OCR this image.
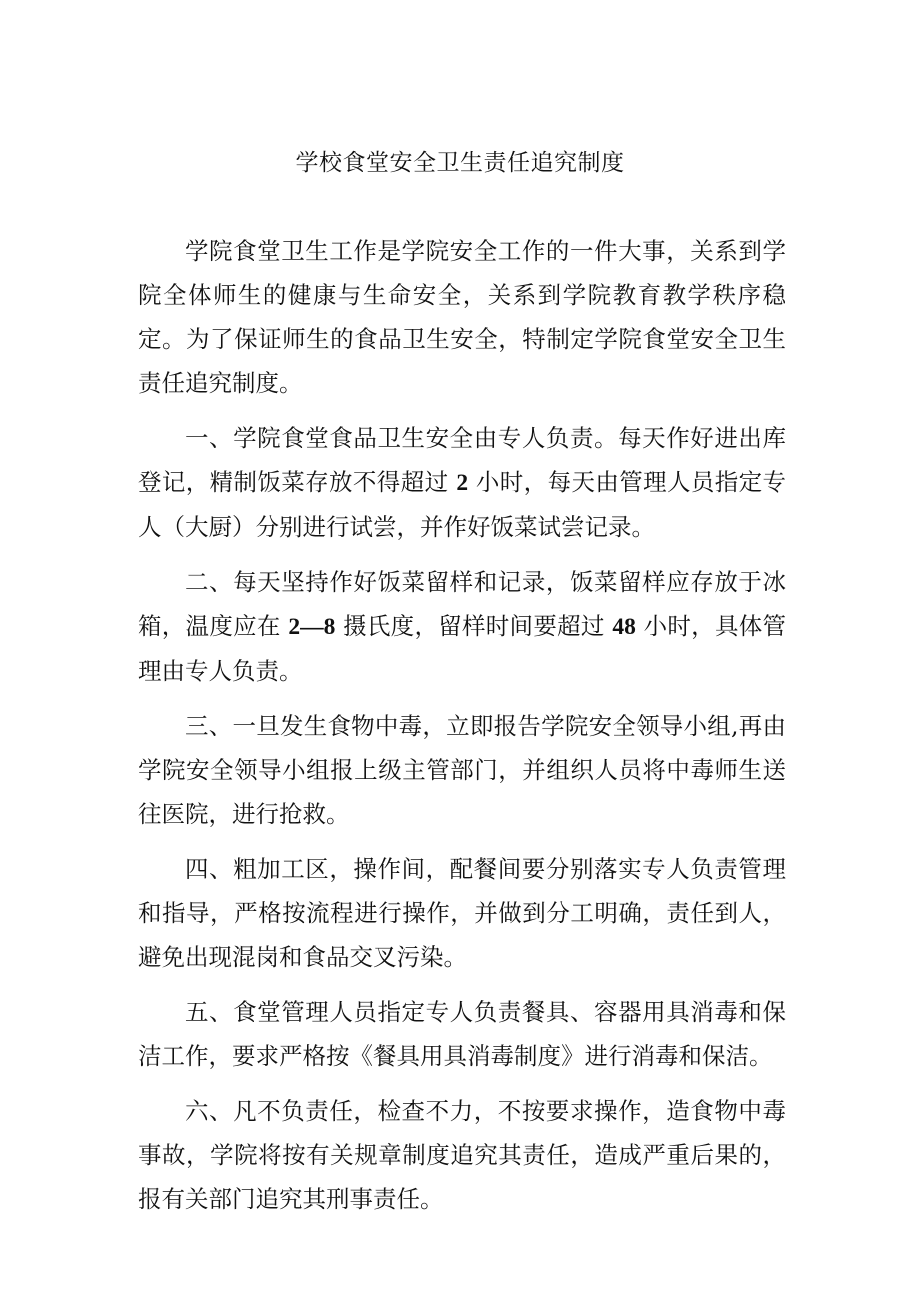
学校食堂安全卫生责任追究制度

学院食堂卫生工作是学院安全工作的一件大事，关系到学院全体师生的健康与生命安全，关系到学院教育教学秩序稳定。为了保证师生的食品卫生安全，特制定学院食堂安全卫生责任追究制度。

一、学院食堂食品卫生安全由专人负责。每天作好进出库登记，精制饭菜存放不得超过 2 小时，每天由管理人员指定专人（大厨）分别进行试尝，并作好饭菜试尝记录。

二、每天坚持作好饭菜留样和记录，饭菜留样应存放于冰箱，温度应在 2—8 摄氏度，留样时间要超过 48 小时，具体管理由专人负责。

三、一旦发生食物中毒，立即报告学院安全领导小组,再由学院安全领导小组报上级主管部门，并组织人员将中毒师生送往医院，进行抢救。

四、粗加工区，操作间，配餐间要分别落实专人负责管理和指导，严格按流程进行操作，并做到分工明确，责任到人，避免出现混岗和食品交叉污染。

五、食堂管理人员指定专人负责餐具、容器用具消毒和保洁工作，要求严格按《餐具用具消毒制度》进行消毒和保洁。

六、凡不负责任，检查不力，不按要求操作，造食物中毒事故，学院将按有关规章制度追究其责任，造成严重后果的，报有关部门追究其刑事责任。
